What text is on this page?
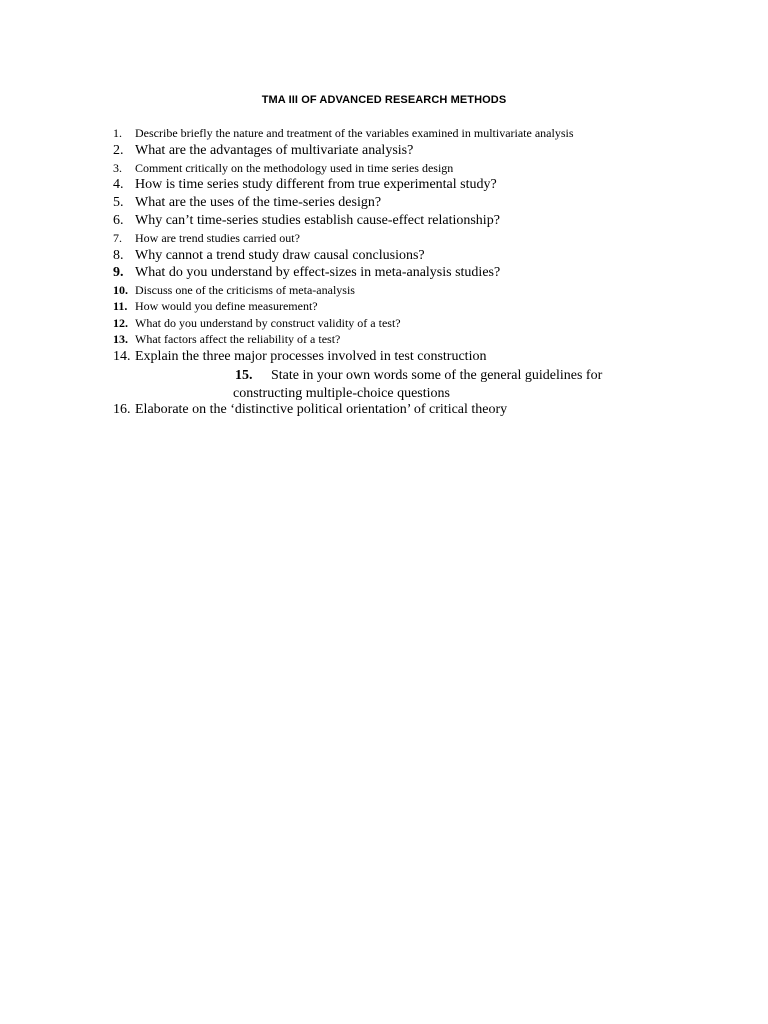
TMA III OF ADVANCED RESEARCH METHODS
1. Describe briefly the nature and treatment of the variables examined in multivariate analysis
2. What are the advantages of multivariate analysis?
3. Comment critically on the methodology used in time series design
4. How is time series study different from true experimental study?
5. What are the uses of the time-series design?
6. Why can’t time-series studies establish cause-effect relationship?
7. How are trend studies carried out?
8. Why cannot a trend study draw causal conclusions?
9. What do you understand by effect-sizes in meta-analysis studies?
10. Discuss one of the criticisms of meta-analysis
11. How would you define measurement?
12. What do you understand by construct validity of a test?
13. What factors affect the reliability of a test?
14. Explain the three major processes involved in test construction
15. State in your own words some of the general guidelines for
constructing multiple-choice questions
16. Elaborate on the ‘distinctive political orientation’ of critical theory
